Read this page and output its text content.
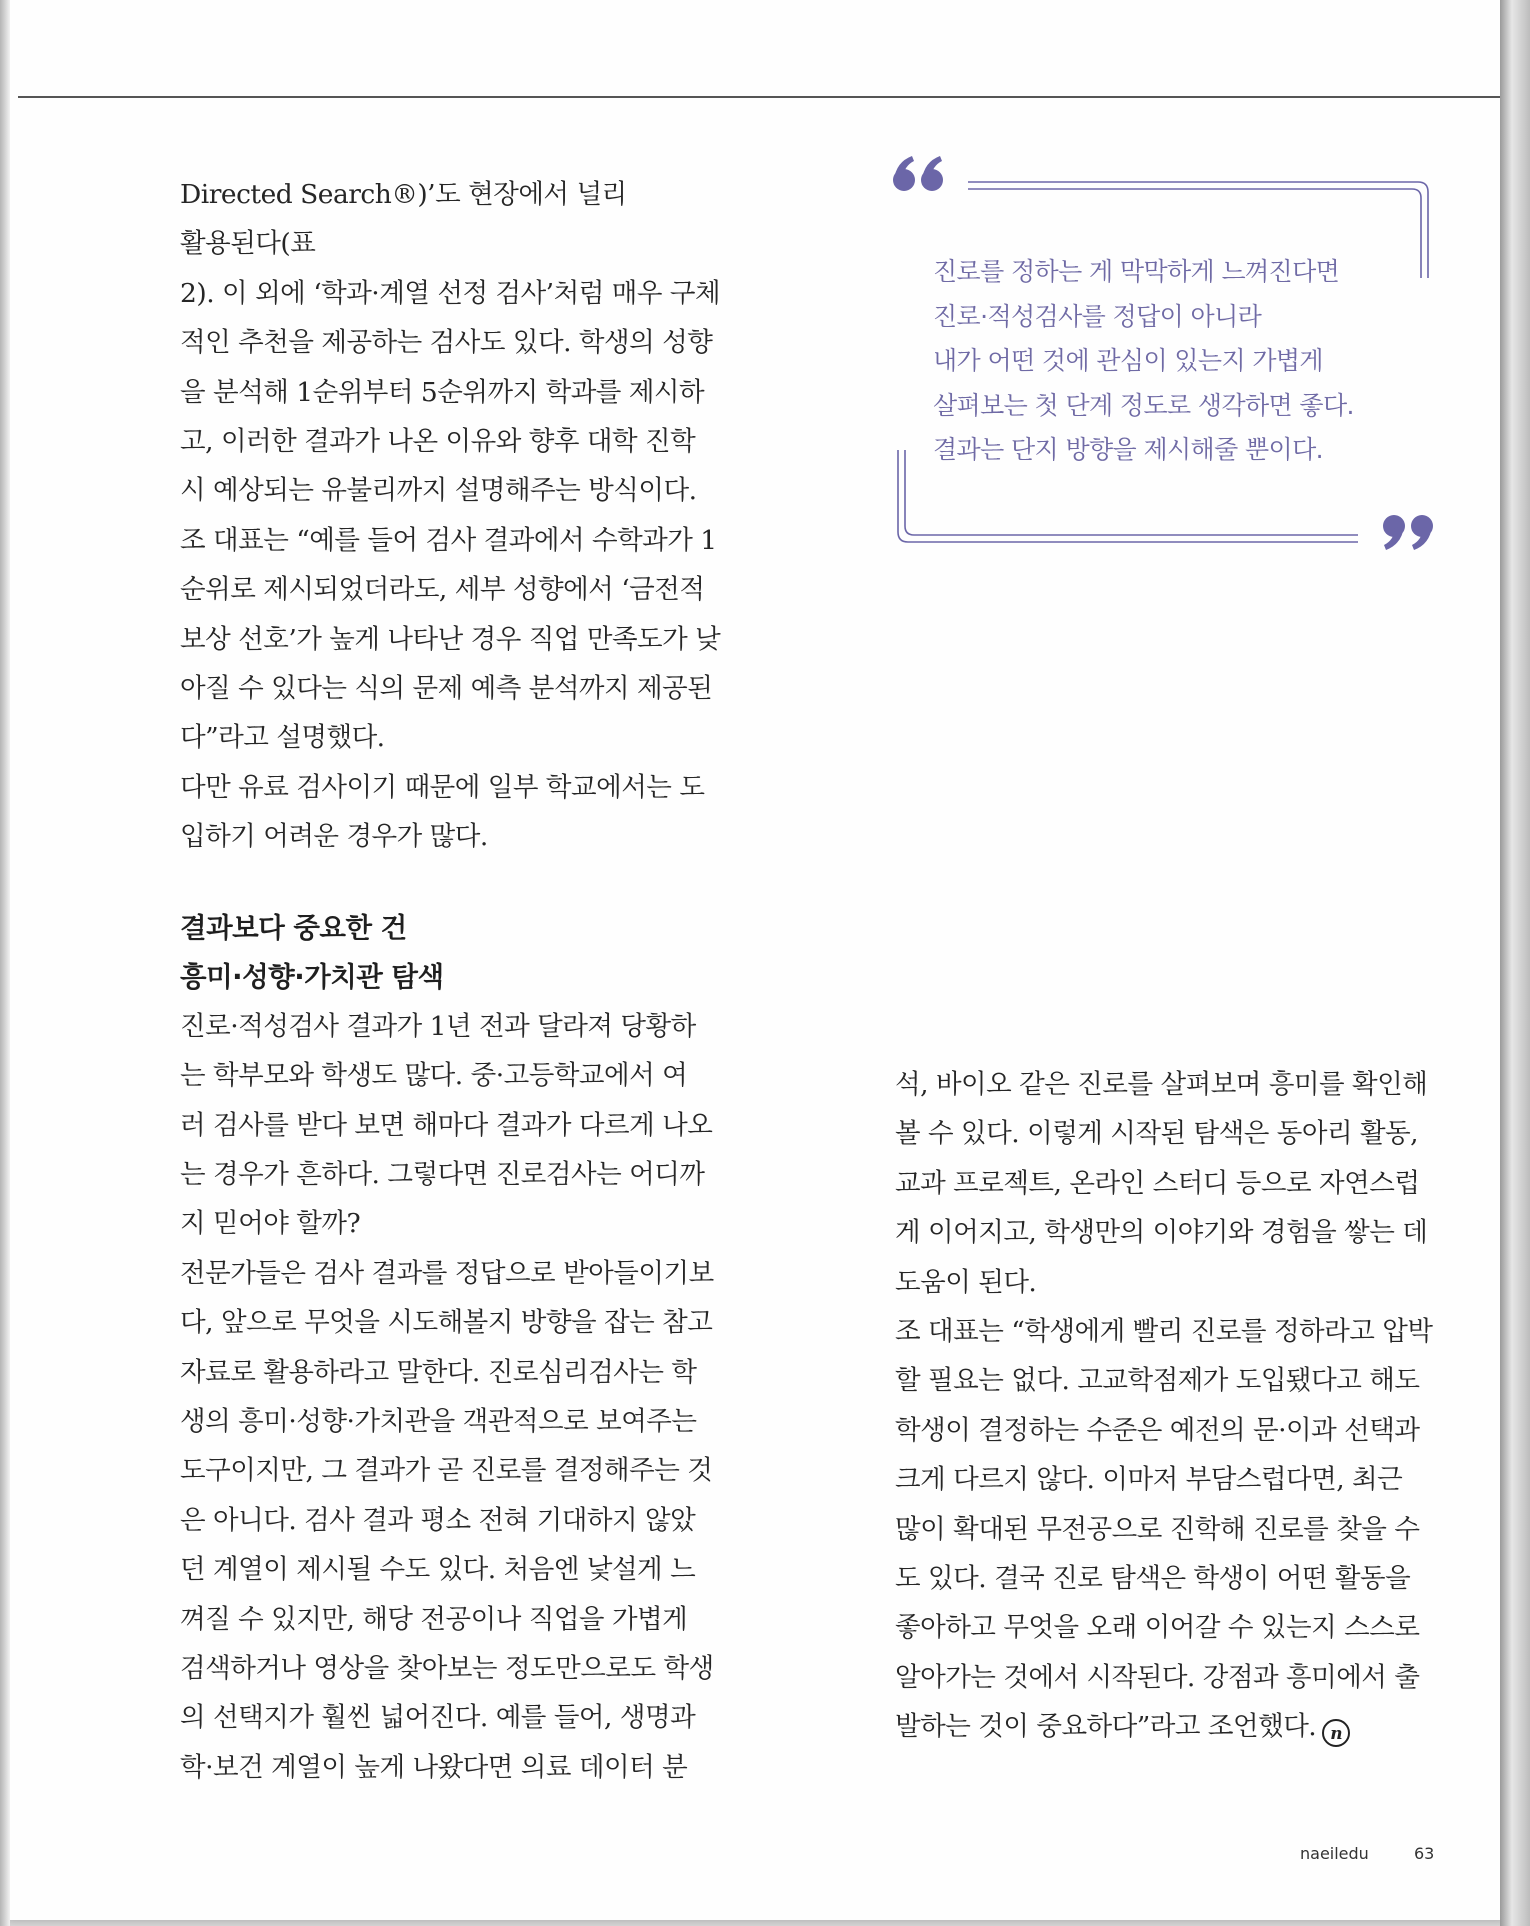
Directed Search®)’도 현장에서 널리 활용된다(표
2). 이 외에 ‘학과·계열 선정 검사’처럼 매우 구체
적인 추천을 제공하는 검사도 있다. 학생의 성향
을 분석해 1순위부터 5순위까지 학과를 제시하
고, 이러한 결과가 나온 이유와 향후 대학 진학
시 예상되는 유불리까지 설명해주는 방식이다.

조 대표는 “예를 들어 검사 결과에서 수학과가 1
순위로 제시되었더라도, 세부 성향에서 ‘금전적
보상 선호’가 높게 나타난 경우 직업 만족도가 낮
아질 수 있다는 식의 문제 예측 분석까지 제공된
다”라고 설명했다.

다만 유료 검사이기 때문에 일부 학교에서는 도
입하기 어려운 경우가 많다.

결과보다 중요한 건
흥미·성향·가치관 탐색

진로·적성검사 결과가 1년 전과 달라져 당황하
는 학부모와 학생도 많다. 중·고등학교에서 여
러 검사를 받다 보면 해마다 결과가 다르게 나오
는 경우가 흔하다. 그렇다면 진로검사는 어디까
지 믿어야 할까?

전문가들은 검사 결과를 정답으로 받아들이기보
다, 앞으로 무엇을 시도해볼지 방향을 잡는 참고
자료로 활용하라고 말한다. 진로심리검사는 학
생의 흥미·성향·가치관을 객관적으로 보여주는
도구이지만, 그 결과가 곧 진로를 결정해주는 것
은 아니다. 검사 결과 평소 전혀 기대하지 않았
던 계열이 제시될 수도 있다. 처음엔 낯설게 느
껴질 수 있지만, 해당 전공이나 직업을 가볍게
검색하거나 영상을 찾아보는 정도만으로도 학생
의 선택지가 훨씬 넓어진다. 예를 들어, 생명과
학·보건 계열이 높게 나왔다면 의료 데이터 분

진로를 정하는 게 막막하게 느껴진다면
진로·적성검사를 정답이 아니라
내가 어떤 것에 관심이 있는지 가볍게
살펴보는 첫 단계 정도로 생각하면 좋다.
결과는 단지 방향을 제시해줄 뿐이다.

석, 바이오 같은 진로를 살펴보며 흥미를 확인해
볼 수 있다. 이렇게 시작된 탐색은 동아리 활동,
교과 프로젝트, 온라인 스터디 등으로 자연스럽
게 이어지고, 학생만의 이야기와 경험을 쌓는 데
도움이 된다.

조 대표는 “학생에게 빨리 진로를 정하라고 압박
할 필요는 없다. 고교학점제가 도입됐다고 해도
학생이 결정하는 수준은 예전의 문·이과 선택과
크게 다르지 않다. 이마저 부담스럽다면, 최근
많이 확대된 무전공으로 진학해 진로를 찾을 수
도 있다. 결국 진로 탐색은 학생이 어떤 활동을
좋아하고 무엇을 오래 이어갈 수 있는지 스스로
알아가는 것에서 시작된다. 강점과 흥미에서 출
발하는 것이 중요하다”라고 조언했다. n

naeiledu	63
